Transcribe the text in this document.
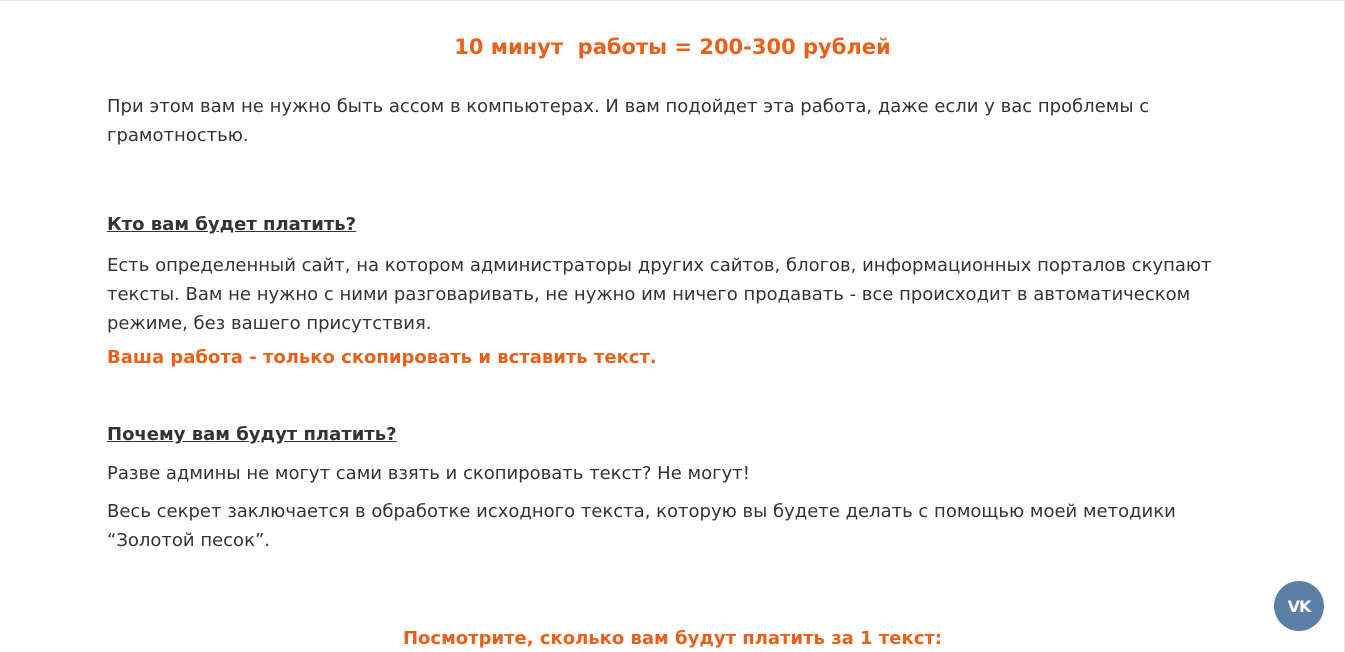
10 минут  работы = 200-300 рублей
При этом вам не нужно быть ассом в компьютерах. И вам подойдет эта работа, даже если у вас проблемы с грамотностью.
Кто вам будет платить?
Есть определенный сайт, на котором администраторы других сайтов, блогов, информационных порталов скупают тексты. Вам не нужно с ними разговаривать, не нужно им ничего продавать - все происходит в автоматическом режиме, без вашего присутствия.
Ваша работа - только скопировать и вставить текст.
Почему вам будут платить?
Разве админы не могут сами взять и скопировать текст? Не могут!
Весь секрет заключается в обработке исходного текста, которую вы будете делать с помощью моей методики “Золотой песок”.
Посмотрите, сколько вам будут платить за 1 текст:
VK
